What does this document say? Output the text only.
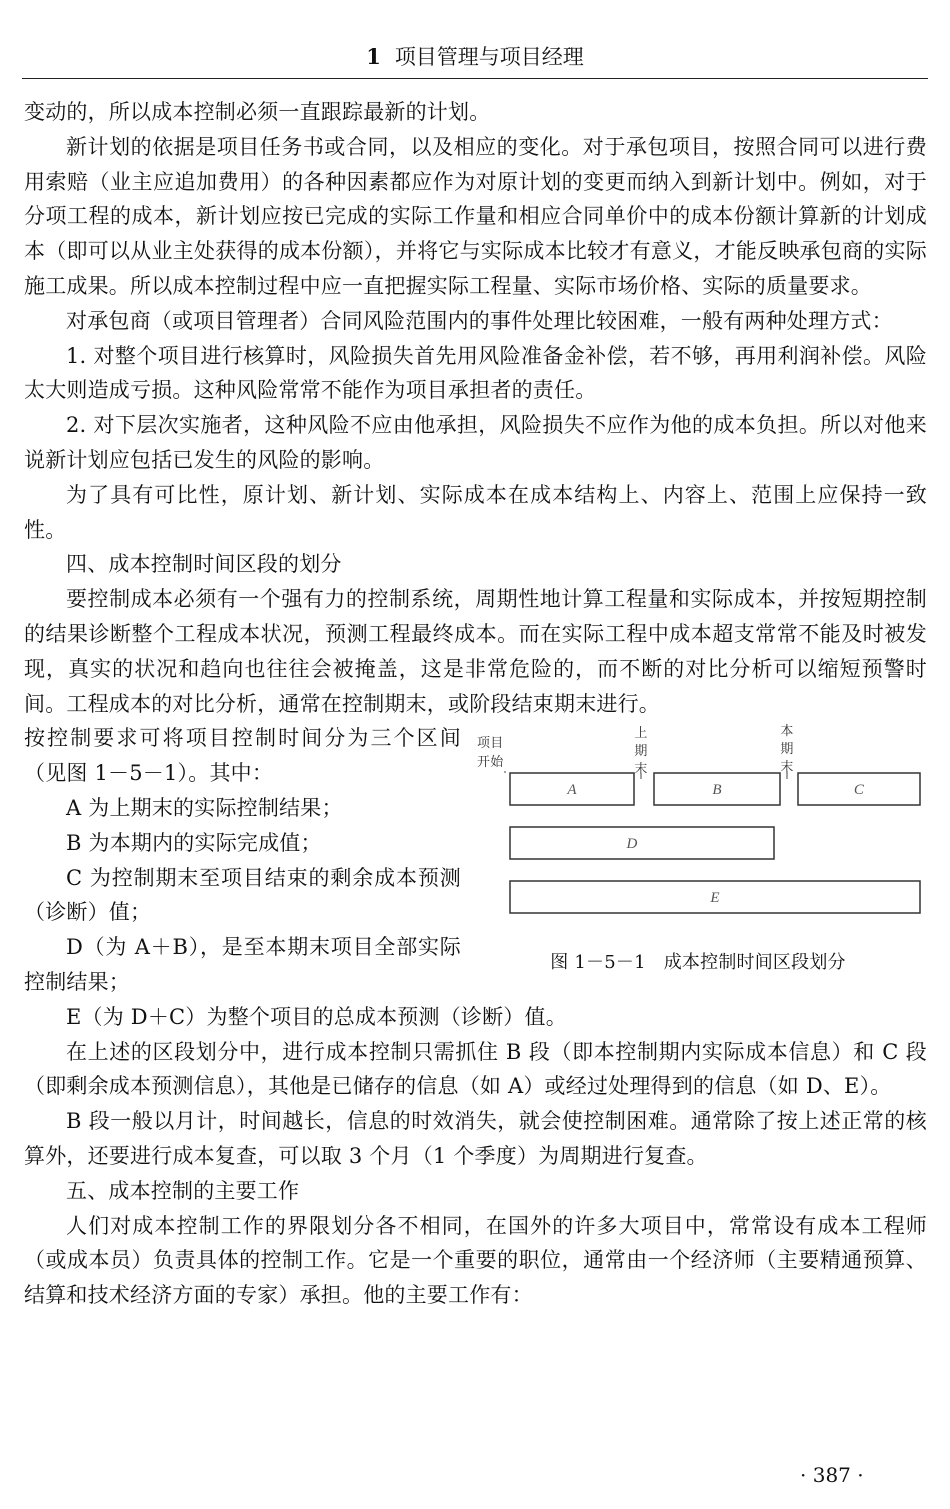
1 项目管理与项目经理

变动的，所以成本控制必须一直跟踪最新的计划。

新计划的依据是项目任务书或合同，以及相应的变化。对于承包项目，按照合同可以进行费用索赔（业主应追加费用）的各种因素都应作为对原计划的变更而纳入到新计划中。例如，对于分项工程的成本，新计划应按已完成的实际工作量和相应合同单价中的成本份额计算新的计划成本（即可以从业主处获得的成本份额），并将它与实际成本比较才有意义，才能反映承包商的实际施工成果。所以成本控制过程中应一直把握实际工程量、实际市场价格、实际的质量要求。

对承包商（或项目管理者）合同风险范围内的事件处理比较困难，一般有两种处理方式：

1. 对整个项目进行核算时，风险损失首先用风险准备金补偿，若不够，再用利润补偿。风险太大则造成亏损。这种风险常常不能作为项目承担者的责任。

2. 对下层次实施者，这种风险不应由他承担，风险损失不应作为他的成本负担。所以对他来说新计划应包括已发生的风险的影响。

为了具有可比性，原计划、新计划、实际成本在成本结构上、内容上、范围上应保持一致性。

四、成本控制时间区段的划分

要控制成本必须有一个强有力的控制系统，周期性地计算工程量和实际成本，并按短期控制的结果诊断整个工程成本状况，预测工程最终成本。而在实际工程中成本超支常常不能及时被发现，真实的状况和趋向也往往会被掩盖，这是非常危险的，而不断的对比分析可以缩短预警时间。工程成本的对比分析，通常在控制期末，或阶段结束期末进行。

项目
开始
上
期
末
本
期
末
A	B	C
D
E
图 1－5－1 成本控制时间区段划分

按控制要求可将项目控制时间分为三个区间（见图 1－5－1）。其中：

A 为上期末的实际控制结果；

B 为本期内的实际完成值；

C 为控制期末至项目结束的剩余成本预测（诊断）值；

D（为 A＋B），是至本期末项目全部实际控制结果；

E（为 D＋C）为整个项目的总成本预测（诊断）值。

在上述的区段划分中，进行成本控制只需抓住 B 段（即本控制期内实际成本信息）和 C 段（即剩余成本预测信息），其他是已储存的信息（如 A）或经过处理得到的信息（如 D、E）。

B 段一般以月计，时间越长，信息的时效消失，就会使控制困难。通常除了按上述正常的核算外，还要进行成本复查，可以取 3 个月（1 个季度）为周期进行复查。

五、成本控制的主要工作

人们对成本控制工作的界限划分各不相同，在国外的许多大项目中，常常设有成本工程师（或成本员）负责具体的控制工作。它是一个重要的职位，通常由一个经济师（主要精通预算、结算和技术经济方面的专家）承担。他的主要工作有：

· 387 ·
